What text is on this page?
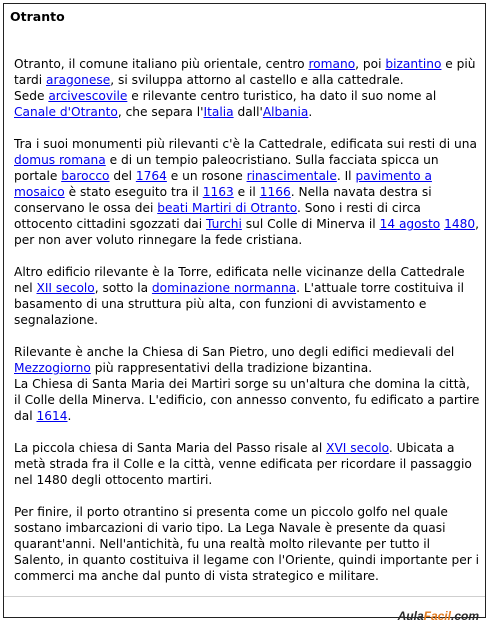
Otranto

Otranto, il comune italiano più orientale, centro romano, poi bizantino e più tardi aragonese, si sviluppa attorno al castello e alla cattedrale.
Sede arcivescovile e rilevante centro turistico, ha dato il suo nome al Canale d'Otranto, che separa l'Italia dall'Albania.

Tra i suoi monumenti più rilevanti c'è la Cattedrale, edificata sui resti di una domus romana e di un tempio paleocristiano. Sulla facciata spicca un portale barocco del 1764 e un rosone rinascimentale. Il pavimento a mosaico è stato eseguito tra il 1163 e il 1166. Nella navata destra si conservano le ossa dei beati Martiri di Otranto. Sono i resti di circa ottocento cittadini sgozzati dai Turchi sul Colle di Minerva il 14 agosto 1480, per non aver voluto rinnegare la fede cristiana.

Altro edificio rilevante è la Torre, edificata nelle vicinanze della Cattedrale nel XII secolo, sotto la dominazione normanna. L'attuale torre costituiva il basamento di una struttura più alta, con funzioni di avvistamento e segnalazione.

Rilevante è anche la Chiesa di San Pietro, uno degli edifici medievali del Mezzogiorno più rappresentativi della tradizione bizantina.
La Chiesa di Santa Maria dei Martiri sorge su un'altura che domina la città, il Colle della Minerva. L'edificio, con annesso convento, fu edificato a partire dal 1614.

La piccola chiesa di Santa Maria del Passo risale al XVI secolo. Ubicata a metà strada fra il Colle e la città, venne edificata per ricordare il passaggio nel 1480 degli ottocento martiri.

Per finire, il porto otrantino si presenta come un piccolo golfo nel quale sostano imbarcazioni di vario tipo. La Lega Navale è presente da quasi quarant'anni. Nell'antichità, fu una realtà molto rilevante per tutto il Salento, in quanto costituiva il legame con l'Oriente, quindi importante per i commerci ma anche dal punto di vista strategico e militare.

AulaFacil.com
